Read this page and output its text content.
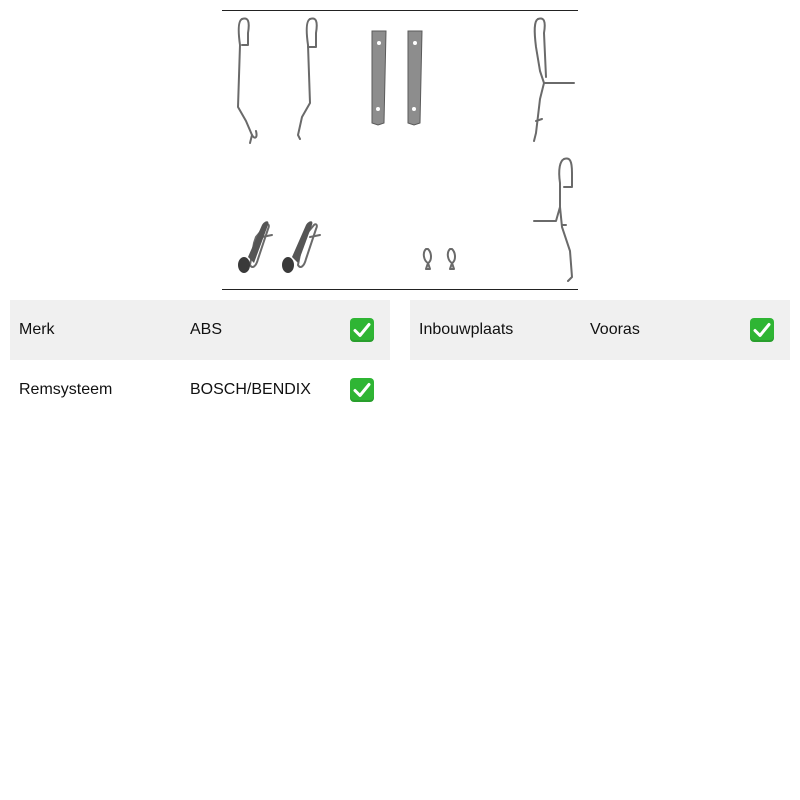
Merk	ABS
Remsysteem	BOSCH/BENDIX
Inbouwplaats	Vooras
